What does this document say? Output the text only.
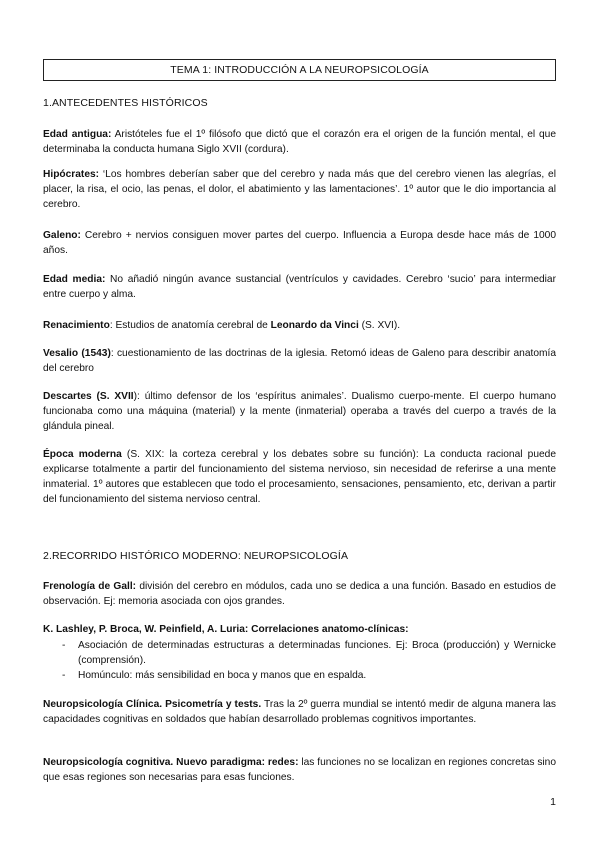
TEMA 1: INTRODUCCIÓN A LA NEUROPSICOLOGÍA
1.ANTECEDENTES HISTÓRICOS
Edad antigua: Aristóteles fue el 1º filósofo que dictó que el corazón era el origen de la función mental, el que determinaba la conducta humana Siglo XVII (cordura).
Hipócrates: ‘Los hombres deberían saber que del cerebro y nada más que del cerebro vienen las alegrías, el placer, la risa, el ocio, las penas, el dolor, el abatimiento y las lamentaciones’. 1º autor que le dio importancia al cerebro.
Galeno: Cerebro + nervios consiguen mover partes del cuerpo. Influencia a Europa desde hace más de 1000 años.
Edad media: No añadió ningún avance sustancial (ventrículos y cavidades. Cerebro ‘sucio’ para intermediar entre cuerpo y alma.
Renacimiento: Estudios de anatomía cerebral de Leonardo da Vinci (S. XVI).
Vesalio (1543): cuestionamiento de las doctrinas de la iglesia. Retomó ideas de Galeno para describir anatomía del cerebro
Descartes (S. XVII): último defensor de los ‘espíritus animales’. Dualismo cuerpo-mente. El cuerpo humano funcionaba como una máquina (material) y la mente (inmaterial) operaba a través del cuerpo a través de la glándula pineal.
Época moderna (S. XIX: la corteza cerebral y los debates sobre su función): La conducta racional puede explicarse totalmente a partir del funcionamiento del sistema nervioso, sin necesidad de referirse a una mente inmaterial. 1º autores que establecen que todo el procesamiento, sensaciones, pensamiento, etc, derivan a partir del funcionamiento del sistema nervioso central.
2.RECORRIDO HISTÓRICO MODERNO: NEUROPSICOLOGÍA
Frenología de Gall: división del cerebro en módulos, cada uno se dedica a una función. Basado en estudios de observación. Ej: memoria asociada con ojos grandes.
K. Lashley, P. Broca, W. Peinfield, A. Luria: Correlaciones anatomo-clínicas:
- Asociación de determinadas estructuras a determinadas funciones. Ej: Broca (producción) y Wernicke (comprensión).
- Homúnculo: más sensibilidad en boca y manos que en espalda.
Neuropsicología Clínica. Psicometría y tests. Tras la 2º guerra mundial se intentó medir de alguna manera las capacidades cognitivas en soldados que habían desarrollado problemas cognitivos importantes.
Neuropsicología cognitiva. Nuevo paradigma: redes: las funciones no se localizan en regiones concretas sino que esas regiones son necesarias para esas funciones.
1
